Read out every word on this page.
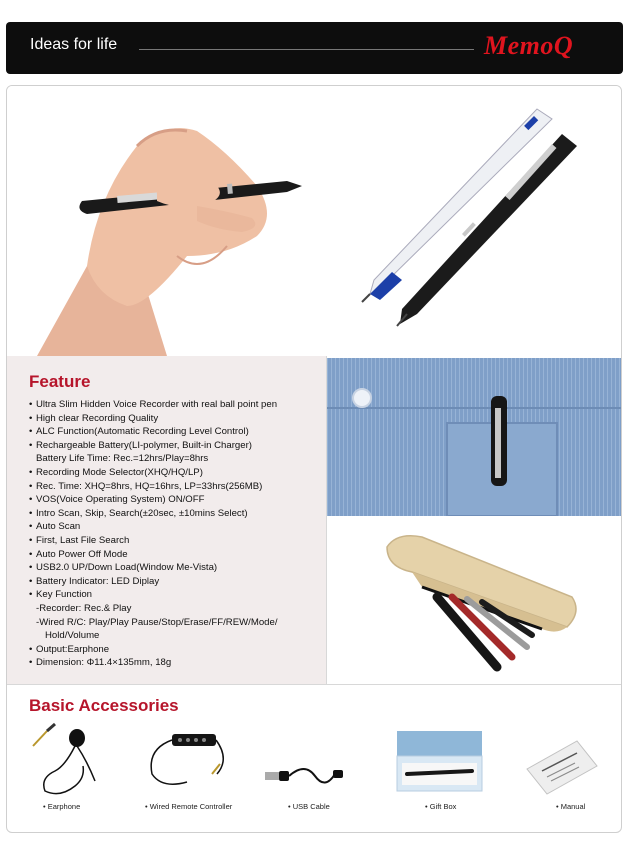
Ideas for life	MemoQ
Feature
• Ultra Slim Hidden Voice Recorder with real ball point pen
• High clear Recording Quality
• ALC Function(Automatic Recording Level Control)
• Rechargeable Battery(LI-polymer, Built-in Charger)
Battery Life Time: Rec.=12hrs/Play=8hrs
• Recording Mode Selector(XHQ/HQ/LP)
• Rec. Time: XHQ=8hrs, HQ=16hrs, LP=33hrs(256MB)
• VOS(Voice Operating System) ON/OFF
• Intro Scan, Skip, Search(±20sec, ±10mins Select)
• Auto Scan
• First, Last File Search
• Auto Power Off Mode
• USB2.0 UP/Down Load(Window Me-Vista)
• Battery Indicator: LED Diplay
• Key Function
-Recorder: Rec.& Play
-Wired R/C: Play/Play Pause/Stop/Erase/FF/REW/Mode/
Hold/Volume
• Output:Earphone
• Dimension: Φ11.4×135mm, 18g
Basic Accessories
• Earphone	• Wired Remote Controller	• USB Cable	• Gift Box	• Manual
